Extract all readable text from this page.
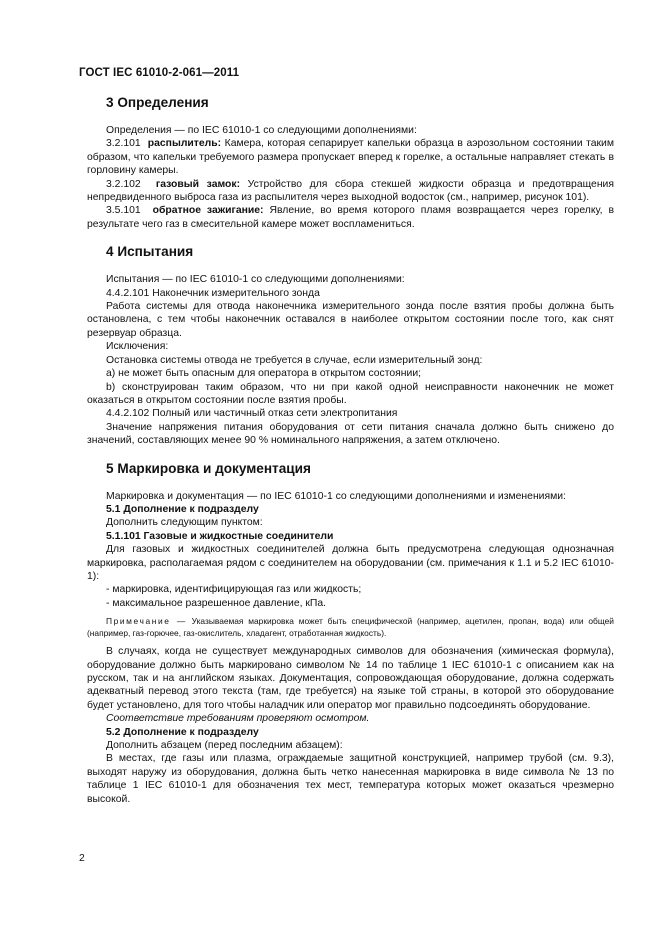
ГОСТ IEC 61010-2-061—2011
3 Определения

Определения — по IEC 61010-1 со следующими дополнениями:

3.2.101 распылитель: Камера, которая сепарирует капельки образца в аэрозольном состоянии таким образом, что капельки требуемого размера пропускает вперед к горелке, а остальные направляет стекать в горловину камеры.

3.2.102 газовый замок: Устройство для сбора стекшей жидкости образца и предотвращения непредвиденного выброса газа из распылителя через выходной водосток (см., например, рисунок 101).

3.5.101 обратное зажигание: Явление, во время которого пламя возвращается через горелку, в результате чего газ в смесительной камере может воспламениться.

4 Испытания

Испытания — по IEC 61010-1 со следующими дополнениями:

4.4.2.101 Наконечник измерительного зонда

Работа системы для отвода наконечника измерительного зонда после взятия пробы должна быть остановлена, с тем чтобы наконечник оставался в наиболее открытом состоянии после того, как снят резервуар образца.

Исключения:

Остановка системы отвода не требуется в случае, если измерительный зонд:

a) не может быть опасным для оператора в открытом состоянии;

b) сконструирован таким образом, что ни при какой одной неисправности наконечник не может оказаться в открытом состоянии после взятия пробы.

4.4.2.102 Полный или частичный отказ сети электропитания

Значение напряжения питания оборудования от сети питания сначала должно быть снижено до значений, составляющих менее 90 % номинального напряжения, а затем отключено.

5 Маркировка и документация

Маркировка и документация — по IEC 61010-1 со следующими дополнениями и изменениями:

5.1 Дополнение к подразделу

Дополнить следующим пунктом:

5.1.101 Газовые и жидкостные соединители

Для газовых и жидкостных соединителей должна быть предусмотрена следующая однозначная маркировка, располагаемая рядом с соединителем на оборудовании (см. примечания к 1.1 и 5.2 IEC 61010-1):

- маркировка, идентифицирующая газ или жидкость;

- максимальное разрешенное давление, кПа.

Примечание — Указываемая маркировка может быть специфической (например, ацетилен, пропан, вода) или общей (например, газ-горючее, газ-окислитель, хладагент, отработанная жидкость).

В случаях, когда не существует международных символов для обозначения (химическая формула), оборудование должно быть маркировано символом № 14 по таблице 1 IEC 61010-1 с описанием как на русском, так и на английском языках. Документация, сопровождающая оборудование, должна содержать адекватный перевод этого текста (там, где требуется) на языке той страны, в которой это оборудование будет установлено, для того чтобы наладчик или оператор мог правильно подсоединять оборудование.

Соответствие требованиям проверяют осмотром.

5.2 Дополнение к подразделу

Дополнить абзацем (перед последним абзацем):

В местах, где газы или плазма, ограждаемые защитной конструкцией, например трубой (см. 9.3), выходят наружу из оборудования, должна быть четко нанесенная маркировка в виде символа № 13 по таблице 1 IEC 61010-1 для обозначения тех мест, температура которых может оказаться чрезмерно высокой.

2
